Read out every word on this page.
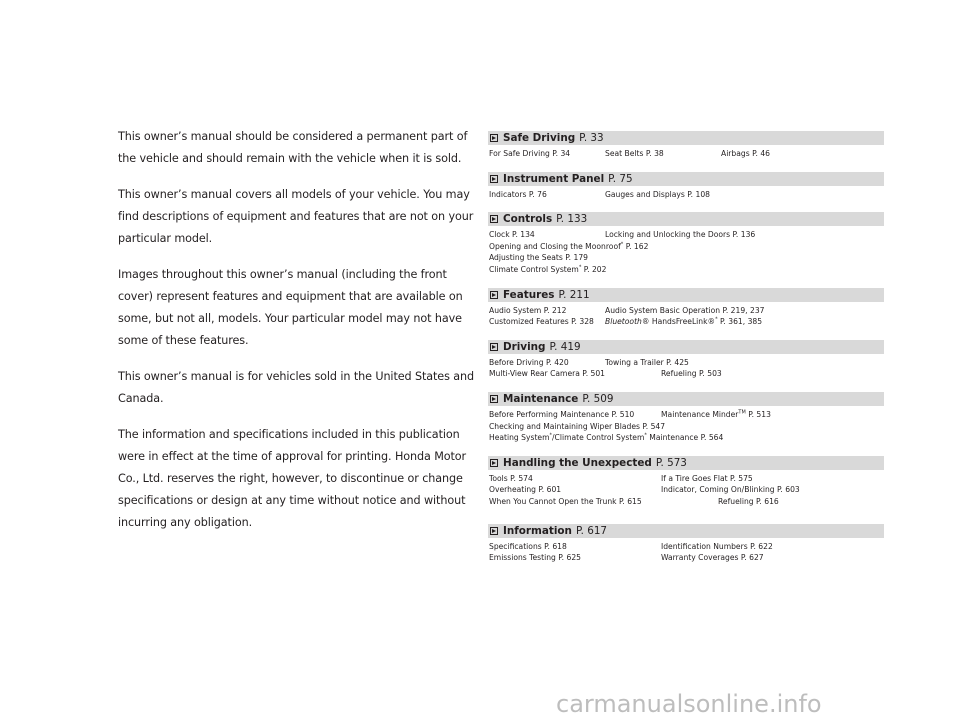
This owner’s manual should be considered a permanent part of the vehicle and should remain with the vehicle when it is sold.

This owner’s manual covers all models of your vehicle. You may find descriptions of equipment and features that are not on your particular model.

Images throughout this owner’s manual (including the front cover) represent features and equipment that are available on some, but not all, models. Your particular model may not have some of these features.

This owner’s manual is for vehicles sold in the United States and Canada.

The information and specifications included in this publication were in effect at the time of approval for printing. Honda Motor Co., Ltd. reserves the right, however, to discontinue or change specifications or design at any time without notice and without incurring any obligation.

Safe Driving P. 33
For Safe Driving P. 34	Seat Belts P. 38	Airbags P. 46
Instrument Panel P. 75
Indicators P. 76	Gauges and Displays P. 108
Controls P. 133
Clock P. 134	Locking and Unlocking the Doors P. 136
Opening and Closing the Moonroof* P. 162
Adjusting the Seats P. 179
Climate Control System* P. 202
Features P. 211
Audio System P. 212	Audio System Basic Operation P. 219, 237
Customized Features P. 328	Bluetooth® HandsFreeLink®* P. 361, 385
Driving P. 419
Before Driving P. 420	Towing a Trailer P. 425
Multi-View Rear Camera P. 501	Refueling P. 503
Maintenance P. 509
Before Performing Maintenance P. 510	Maintenance Minder™ P. 513
Checking and Maintaining Wiper Blades P. 547
Heating System*/Climate Control System* Maintenance P. 564
Handling the Unexpected P. 573
Tools P. 574	If a Tire Goes Flat P. 575
Overheating P. 601	Indicator, Coming On/Blinking P. 603
When You Cannot Open the Trunk P. 615	Refueling P. 616
Information P. 617
Specifications P. 618	Identification Numbers P. 622
Emissions Testing P. 625	Warranty Coverages P. 627
carmanualsonline.info
